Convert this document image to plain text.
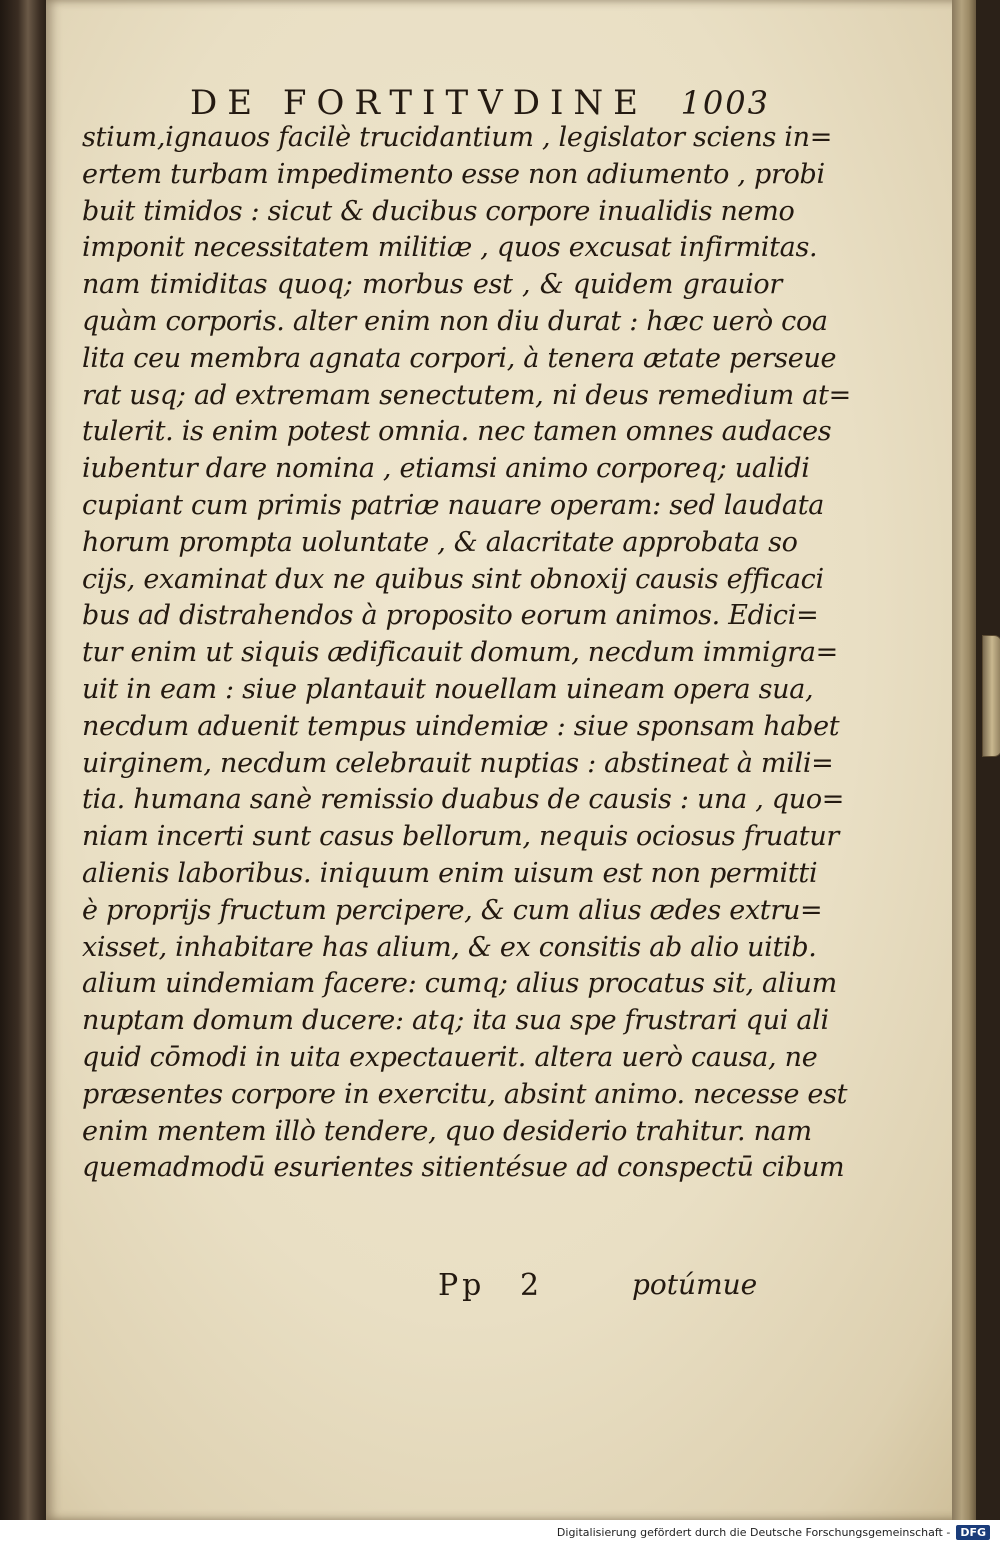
DE FORTITVDINE 1003
stium,ignauos facilè trucidantium , legislator sciens in=
ertem turbam impedimento esse non adiumento , probi
buit timidos : sicut & ducibus corpore inualidis nemo
imponit necessitatem militiæ , quos excusat infirmitas.
nam timiditas quoq; morbus est , & quidem grauior
quàm corporis. alter enim non diu durat : hæc uerò coa
lita ceu membra agnata corpori, à tenera ætate perseue
rat usq; ad extremam senectutem, ni deus remedium at=
tulerit. is enim potest omnia. nec tamen omnes audaces
iubentur dare nomina , etiamsi animo corporeq; ualidi
cupiant cum primis patriæ nauare operam: sed laudata
horum prompta uoluntate , & alacritate approbata so
cijs, examinat dux ne quibus sint obnoxij causis efficaci
bus ad distrahendos à proposito eorum animos. Edici=
tur enim ut siquis ædificauit domum, necdum immigra=
uit in eam : siue plantauit nouellam uineam opera sua,
necdum aduenit tempus uindemiæ : siue sponsam habet
uirginem, necdum celebrauit nuptias : abstineat à mili=
tia. humana sanè remissio duabus de causis : una , quo=
niam incerti sunt casus bellorum, nequis ociosus fruatur
alienis laboribus. iniquum enim uisum est non permitti
è proprijs fructum percipere, & cum alius ædes extru=
xisset, inhabitare has alium, & ex consitis ab alio uitib.
alium uindemiam facere: cumq; alius procatus sit, alium
nuptam domum ducere: atq; ita sua spe frustrari qui ali
quid cōmodi in uita expectauerit. altera uerò causa, ne
præsentes corpore in exercitu, absint animo. necesse est
enim mentem illò tendere, quo desiderio trahitur. nam
quemadmodū esurientes sitientésue ad conspectū cibum
Pp 2	potúmue
Digitalisierung gefördert durch die Deutsche Forschungsgemeinschaft - DFG
